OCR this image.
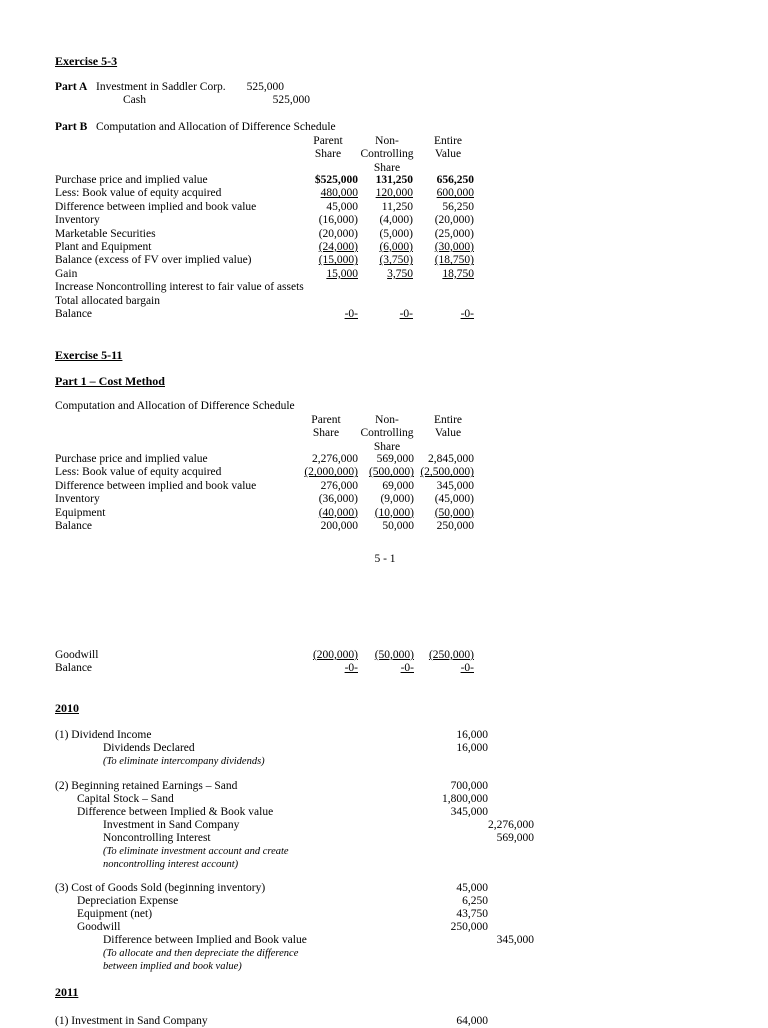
Exercise 5-3
Part A Investment in Saddler Corp. 525,000
Cash	525,000
Part B Computation and Allocation of Difference Schedule
Parent
Share
Non-
Controlling
Share
Entire
Value
Purchase price and implied value	$525,000 131,250 656,250
Less: Book value of equity acquired	480,000 120,000 600,000
Difference between implied and book value	45,000 11,250	56,250
Inventory	(16,000) (4,000) (20,000)
Marketable Securities	(20,000) (5,000) (25,000)
Plant and Equipment	(24,000) (6,000) (30,000)
Balance (excess of FV over implied value)	(15,000) (3,750) (18,750)
Gain	15,000	3,750	18,750
Increase Noncontrolling interest to fair value of assets
Total allocated bargain
Balance	-0-	-0-	-0-
Exercise 5-11
Part 1 – Cost Method
Computation and Allocation of Difference Schedule
Parent
Share
Non-
Controlling
Share
Entire
Value
Purchase price and implied value	2,276,000 569,000 2,845,000
Less: Book value of equity acquired	(2,000,000) (500,000) (2,500,000)
Difference between implied and book value	276,000 69,000 345,000
Inventory	(36,000) (9,000) (45,000)
Equipment	(40,000) (10,000) (50,000)
Balance	200,000 50,000 250,000
5 - 1
Goodwill	(200,000) (50,000) (250,000)
Balance	-0-	-0-	-0-
2010
(1) Dividend Income	16,000
Dividends Declared	16,000
(To eliminate intercompany dividends)
(2) Beginning retained Earnings – Sand	700,000
Capital Stock – Sand	1,800,000
Difference between Implied & Book value	345,000
Investment in Sand Company	2,276,000
Noncontrolling Interest	569,000
(To eliminate investment account and create
noncontrolling interest account)
(3) Cost of Goods Sold (beginning inventory)	45,000
Depreciation Expense	6,250
Equipment (net)	43,750
Goodwill	250,000
Difference between Implied and Book value	345,000
(To allocate and then depreciate the difference
between implied and book value)
2011
(1) Investment in Sand Company	64,000
